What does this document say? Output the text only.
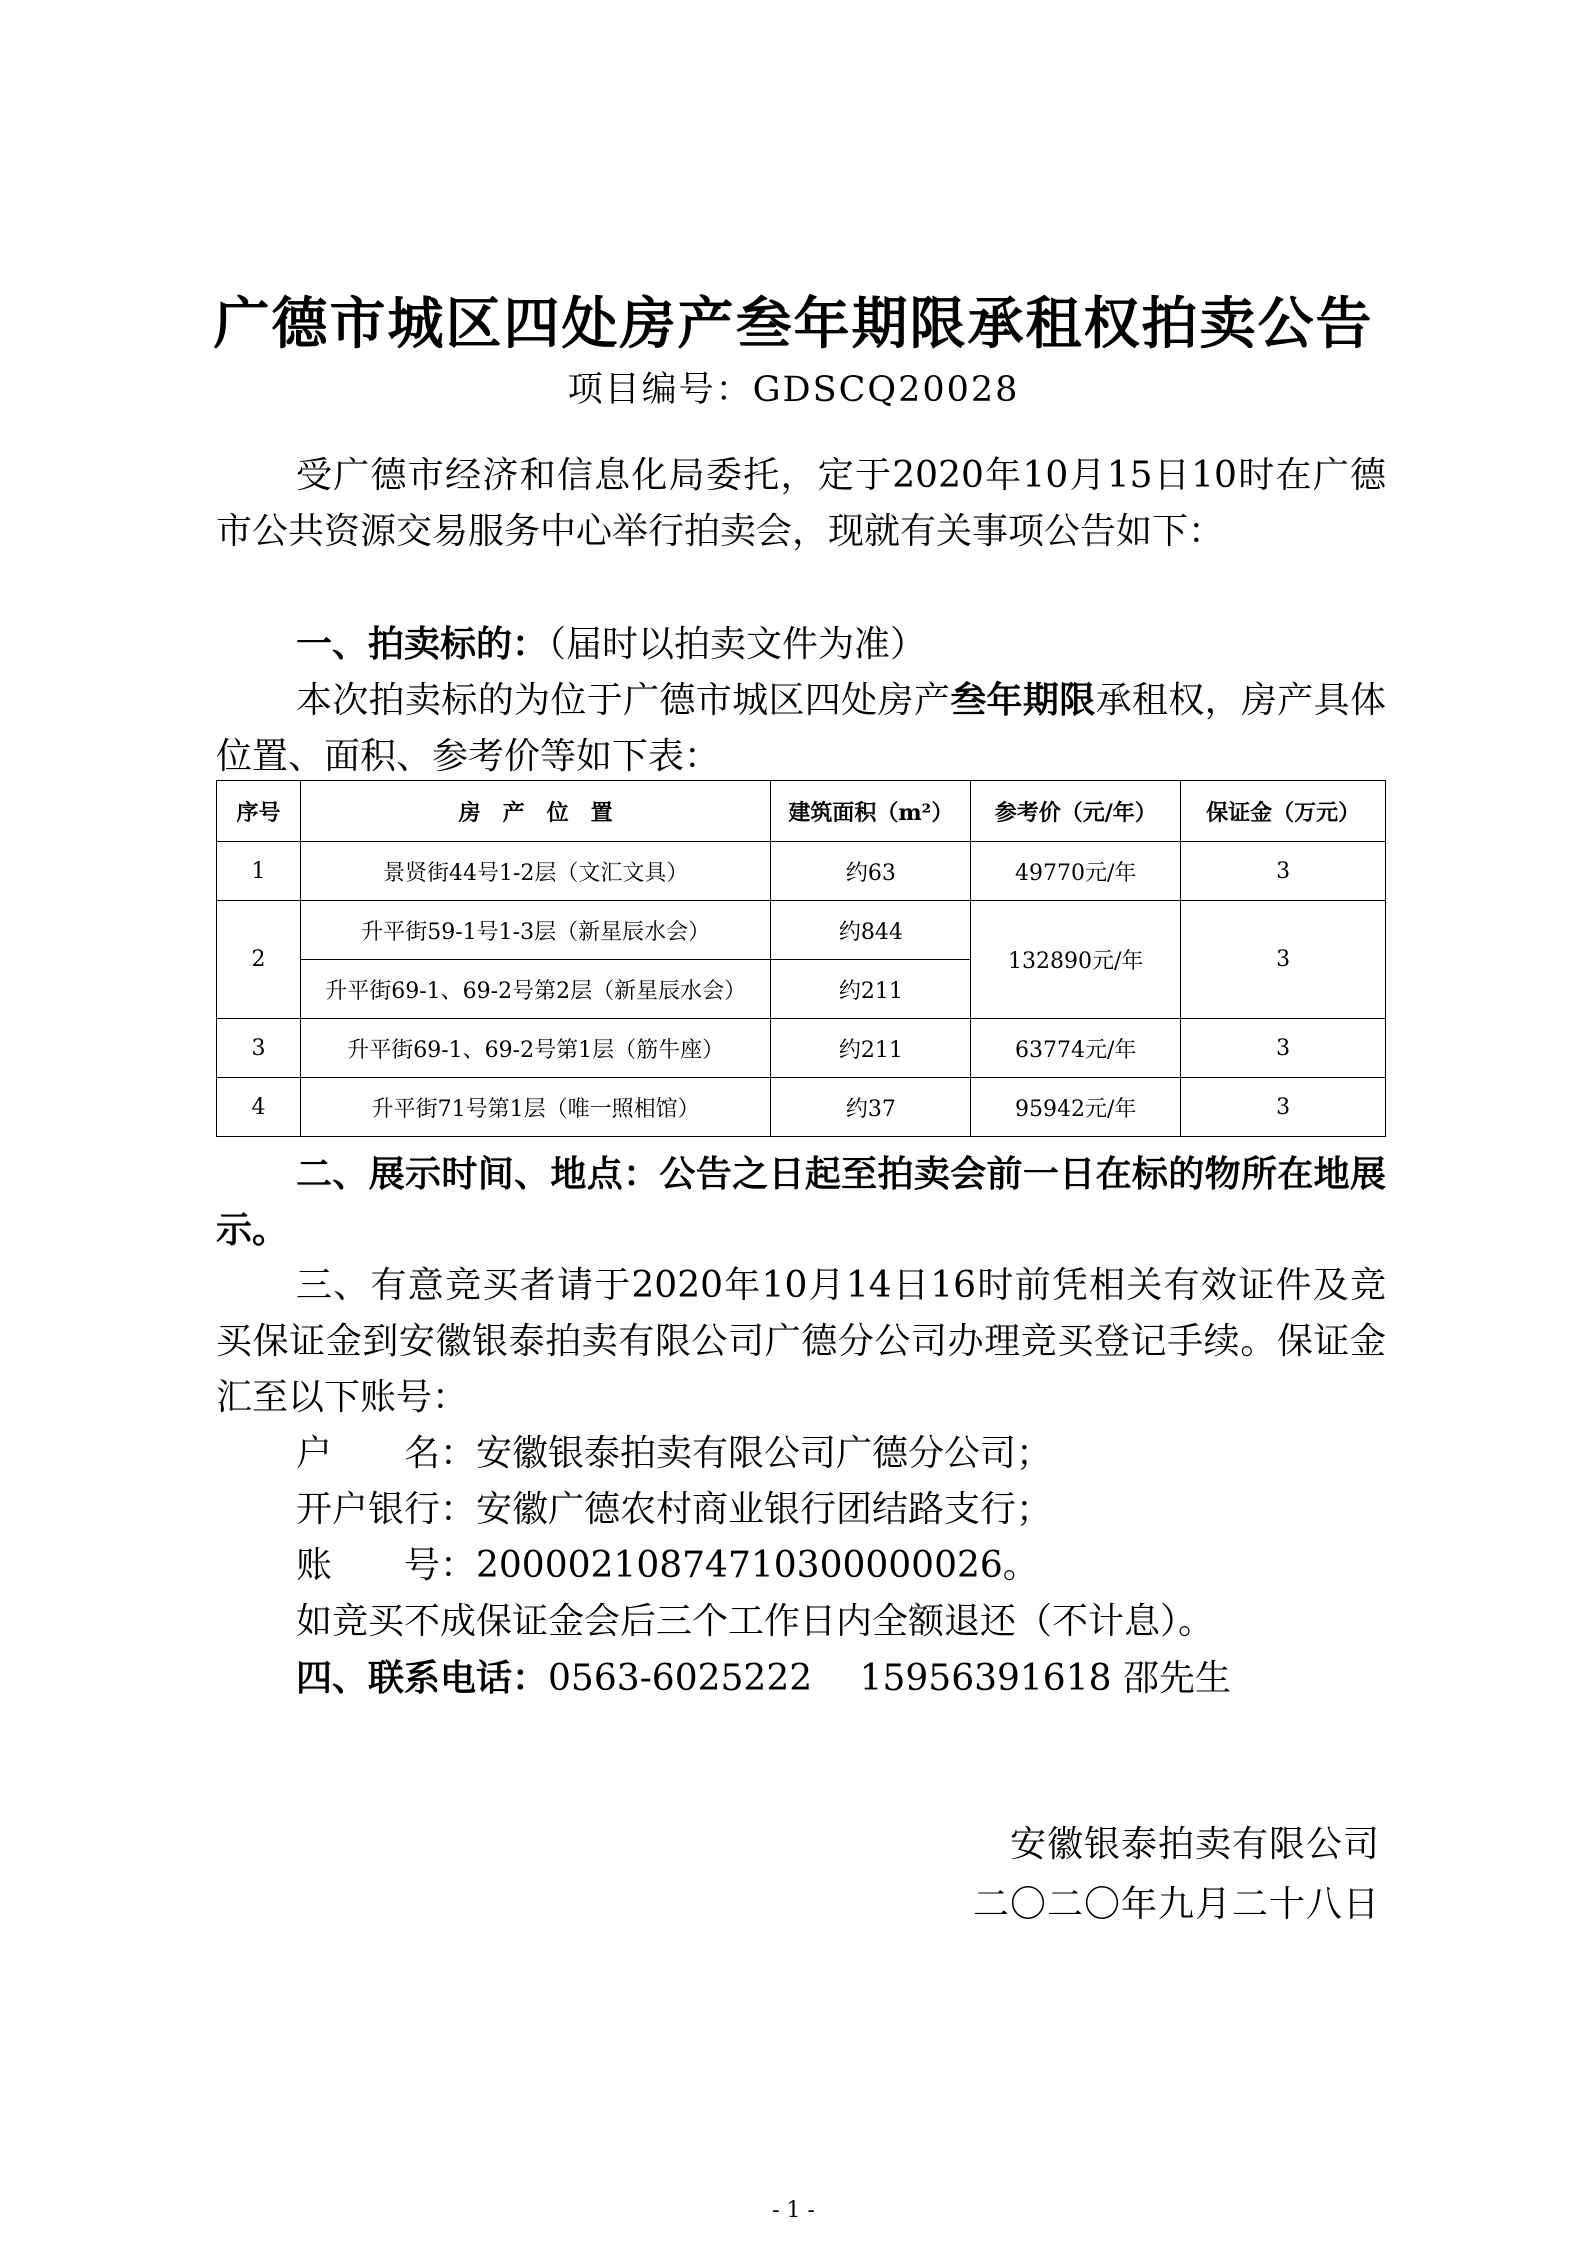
广德市城区四处房产叁年期限承租权拍卖公告
项目编号：GDSCQ20028
受广德市经济和信息化局委托，定于2020年10月15日10时在广德市公共资源交易服务中心举行拍卖会，现就有关事项公告如下：
一、拍卖标的：（届时以拍卖文件为准）
本次拍卖标的为位于广德市城区四处房产叁年期限承租权，房产具体位置、面积、参考价等如下表：
序号	房　产　位　置	建筑面积（m²）	参考价（元/年）	保证金（万元）
1	景贤街44号1-2层（文汇文具）	约63	49770元/年	3
2	升平街59-1号1-3层（新星辰水会）	约844	132890元/年	3
	升平街69-1、69-2号第2层（新星辰水会）	约211		
3	升平街69-1、69-2号第1层（筋牛座）	约211	63774元/年	3
4	升平街71号第1层（唯一照相馆）	约37	95942元/年	3
二、展示时间、地点：公告之日起至拍卖会前一日在标的物所在地展示。
三、有意竞买者请于2020年10月14日16时前凭相关有效证件及竞买保证金到安徽银泰拍卖有限公司广德分公司办理竞买登记手续。保证金汇至以下账号：
户　　名：安徽银泰拍卖有限公司广德分公司；
开户银行：安徽广德农村商业银行团结路支行；
账　　号：20000210874710300000026。
如竞买不成保证金会后三个工作日内全额退还（不计息）。
四、联系电话：0563-6025222　 15956391618 邵先生
安徽银泰拍卖有限公司
二〇二〇年九月二十八日
- 1 -
